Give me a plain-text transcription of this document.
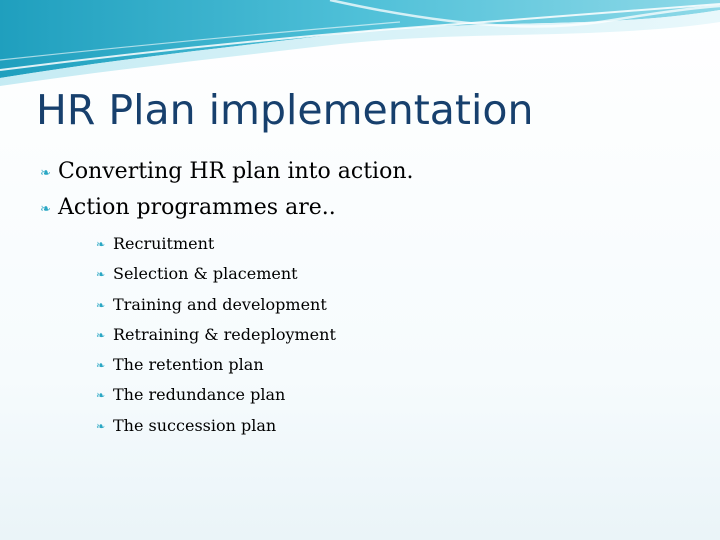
HR Plan implementation
❧ Converting HR plan into action.
❧ Action programmes are..
❧ Recruitment
❧ Selection & placement
❧ Training and development
❧ Retraining & redeployment
❧ The retention plan
❧ The redundance plan
❧ The succession plan
